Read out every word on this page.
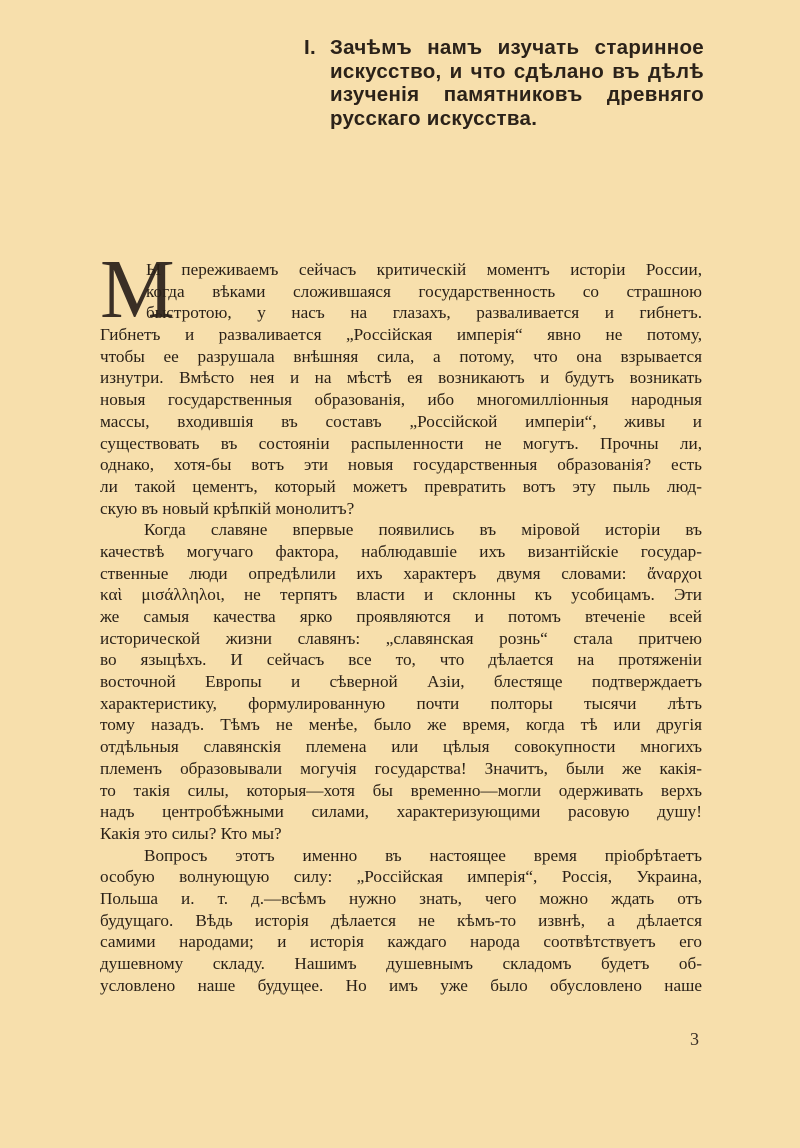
I. Зачѣмъ намъ изучать старинное
искусство, и что сдѣлано въ дѣлѣ
изученія памятниковъ древняго
русскаго искусства.
М
Ы переживаемъ сейчасъ критическій моментъ исторіи России,
когда вѣками сложившаяся государственность со страшною
быстротою, у насъ на глазахъ, разваливается и гибнетъ.
Гибнетъ и разваливается „Россійская имперія“ явно не потому,
чтобы ее разрушала внѣшняя сила, а потому, что она взрывается
изнутри. Вмѣсто нея и на мѣстѣ ея возникаютъ и будутъ возникать
новыя государственныя образованія, ибо многомилліонныя народныя
массы, входившія въ составъ „Россійской имперіи“, живы и
существовать въ состояніи распыленности не могутъ. Прочны ли,
однако, хотя-бы вотъ эти новыя государственныя образованія? есть
ли такой цементъ, который можетъ превратить вотъ эту пыль люд-
скую въ новый крѣпкій монолитъ?
Когда славяне впервые появились въ міровой исторіи въ
качествѣ могучаго фактора, наблюдавшіе ихъ византійскіе государ-
ственные люди опредѣлили ихъ характеръ двумя словами: ἄναρχοι
καὶ μισάλληλοι, не терпятъ власти и склонны къ усобицамъ. Эти
же самыя качества ярко проявляются и потомъ втеченіе всей
исторической жизни славянъ: „славянская рознь“ стала притчею
во языцѣхъ. И сейчасъ все то, что дѣлается на протяженіи
восточной Европы и сѣверной Азіи, блестяще подтверждаетъ
характеристику, формулированную почти полторы тысячи лѣтъ
тому назадъ. Тѣмъ не менѣе, было же время, когда тѣ или другія
отдѣльныя славянскія племена или цѣлыя совокупности многихъ
племенъ образовывали могучія государства! Значитъ, были же какія-
то такія силы, которыя—хотя бы временно—могли одерживать верхъ
надъ центробѣжными силами, характеризующими расовую душу!
Какія это силы? Кто мы?
Вопросъ этотъ именно въ настоящее время пріобрѣтаетъ
особую волнующую силу: „Россійская имперія“, Россія, Украина,
Польша и. т. д.—всѣмъ нужно знать, чего можно ждать отъ
будущаго. Вѣдь исторія дѣлается не кѣмъ-то извнѣ, а дѣлается
самими народами; и исторія каждаго народа соотвѣтствуетъ его
душевному складу. Нашимъ душевнымъ складомъ будетъ об-
условлено наше будущее. Но имъ уже было обусловлено наше
3
